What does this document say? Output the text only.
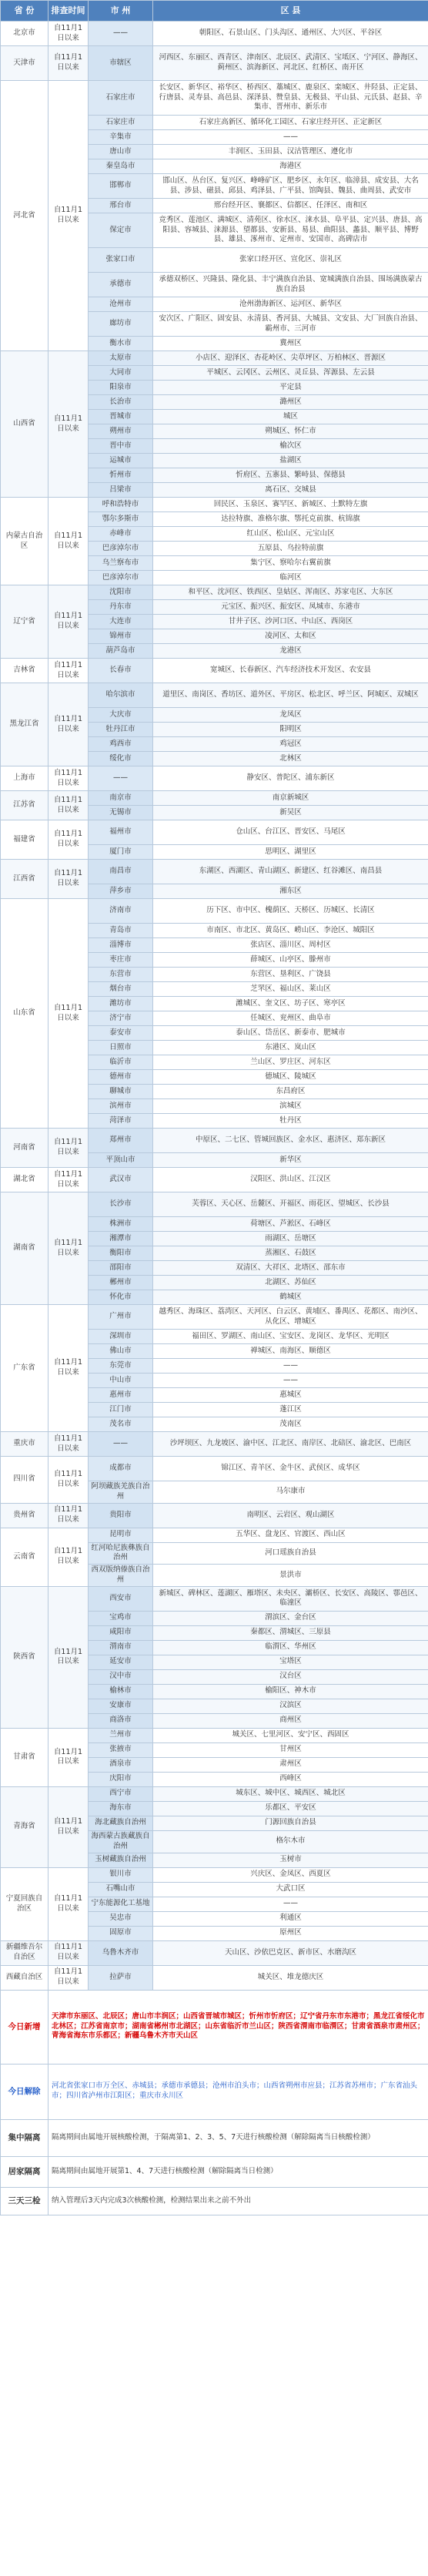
省 份	排查时间	市 州	区 县
北京市	自11月1日以来	——	朝阳区、石景山区、门头沟区、通州区、大兴区、平谷区
天津市	自11月1日以来	市辖区	河西区、东丽区、西青区、津南区、北辰区、武清区、宝坻区、宁河区、静海区、蓟州区、滨海新区、河北区、红桥区、南开区
河北省	自11月1日以来	石家庄市	长安区、新华区、裕华区、桥西区、藁城区、鹿泉区、栾城区、井陉县、正定县、行唐县、灵寿县、高邑县、深泽县、赞皇县、无极县、平山县、元氏县、赵县、辛集市、晋州市、新乐市
		石家庄市	石家庄高新区、循环化工园区、石家庄经开区、正定新区
		辛集市	——
		唐山市	丰润区、玉田县、汉沽管理区、遵化市
		秦皇岛市	海港区
		邯郸市	邯山区、丛台区、复兴区、峰峰矿区、肥乡区、永年区、临漳县、成安县、大名县、涉县、磁县、邱县、鸡泽县、广平县、馆陶县、魏县、曲周县、武安市
		邢台市	邢台经开区、襄都区、信都区、任泽区、南和区
		保定市	竞秀区、莲池区、满城区、清苑区、徐水区、涞水县、阜平县、定兴县、唐县、高阳县、容城县、涞源县、望都县、安新县、易县、曲阳县、蠡县、顺平县、博野县、雄县、涿州市、定州市、安国市、高碑店市
		张家口市	张家口经开区、宣化区、崇礼区
		承德市	承德双桥区、兴隆县、隆化县、丰宁满族自治县、宽城满族自治县、围场满族蒙古族自治县
		沧州市	沧州渤海新区、运河区、新华区
		廊坊市	安次区、广阳区、固安县、永清县、香河县、大城县、文安县、大厂回族自治县、霸州市、三河市
		衡水市	冀州区
山西省	自11月1日以来	太原市	小店区、迎泽区、杏花岭区、尖草坪区、万柏林区、晋源区
		大同市	平城区、云冈区、云州区、灵丘县、浑源县、左云县
		阳泉市	平定县
		长治市	潞州区
		晋城市	城区
		朔州市	朔城区、怀仁市
		晋中市	榆次区
		运城市	盐湖区
		忻州市	忻府区、五寨县、繁峙县、保德县
		吕梁市	离石区、交城县
内蒙古自治区	自11月1日以来	呼和浩特市	回民区、玉泉区、赛罕区、新城区、土默特左旗
		鄂尔多斯市	达拉特旗、准格尔旗、鄂托克前旗、杭锦旗
		赤峰市	红山区、松山区、元宝山区
		巴彦淖尔市	五原县、乌拉特前旗
		乌兰察布市	集宁区、察哈尔右翼前旗
		巴彦淖尔市	临河区
辽宁省	自11月1日以来	沈阳市	和平区、沈河区、铁西区、皇姑区、浑南区、苏家屯区、大东区
		丹东市	元宝区、振兴区、振安区、凤城市、东港市
		大连市	甘井子区、沙河口区、中山区、西岗区
		锦州市	凌河区、太和区
		葫芦岛市	龙港区
吉林省	自11月1日以来	长春市	宽城区、长春新区、汽车经济技术开发区、农安县
黑龙江省	自11月1日以来	哈尔滨市	道里区、南岗区、香坊区、道外区、平房区、松北区、呼兰区、阿城区、双城区
		大庆市	龙凤区
		牡丹江市	阳明区
		鸡西市	鸡冠区
		绥化市	北林区
上海市	自11月1日以来	——	静安区、普陀区、浦东新区
江苏省	自11月1日以来	南京市	南京新城区
		无锡市	新吴区
福建省	自11月1日以来	福州市	仓山区、台江区、晋安区、马尾区
		厦门市	思明区、湖里区
江西省	自11月1日以来	南昌市	东湖区、西湖区、青山湖区、新建区、红谷滩区、南昌县
		萍乡市	湘东区
山东省	自11月1日以来	济南市	历下区、市中区、槐荫区、天桥区、历城区、长清区
		青岛市	市南区、市北区、黄岛区、崂山区、李沧区、城阳区
		淄博市	张店区、淄川区、周村区
		枣庄市	薛城区、山亭区、滕州市
		东营市	东营区、垦利区、广饶县
		烟台市	芝罘区、福山区、莱山区
		潍坊市	潍城区、奎文区、坊子区、寒亭区
		济宁市	任城区、兖州区、曲阜市
		泰安市	泰山区、岱岳区、新泰市、肥城市
		日照市	东港区、岚山区
		临沂市	兰山区、罗庄区、河东区
		德州市	德城区、陵城区
		聊城市	东昌府区
		滨州市	滨城区
		菏泽市	牡丹区
河南省	自11月1日以来	郑州市	中原区、二七区、管城回族区、金水区、惠济区、郑东新区
		平顶山市	新华区
湖北省	自11月1日以来	武汉市	汉阳区、洪山区、江汉区
湖南省	自11月1日以来	长沙市	芙蓉区、天心区、岳麓区、开福区、雨花区、望城区、长沙县
		株洲市	荷塘区、芦淞区、石峰区
		湘潭市	雨湖区、岳塘区
		衡阳市	蒸湘区、石鼓区
		邵阳市	双清区、大祥区、北塔区、邵东市
		郴州市	北湖区、苏仙区
		怀化市	鹤城区
广东省	自11月1日以来	广州市	越秀区、海珠区、荔湾区、天河区、白云区、黄埔区、番禺区、花都区、南沙区、从化区、增城区
		深圳市	福田区、罗湖区、南山区、宝安区、龙岗区、龙华区、光明区
		佛山市	禅城区、南海区、顺德区
		东莞市	——
		中山市	——
		惠州市	惠城区
		江门市	蓬江区
		茂名市	茂南区
重庆市	自11月1日以来	——	沙坪坝区、九龙坡区、渝中区、江北区、南岸区、北碚区、渝北区、巴南区
四川省	自11月1日以来	成都市	锦江区、青羊区、金牛区、武侯区、成华区
		阿坝藏族羌族自治州	马尔康市
贵州省	自11月1日以来	贵阳市	南明区、云岩区、观山湖区
云南省	自11月1日以来	昆明市	五华区、盘龙区、官渡区、西山区
		红河哈尼族彝族自治州	河口瑶族自治县
		西双版纳傣族自治州	景洪市
陕西省	自11月1日以来	西安市	新城区、碑林区、莲湖区、雁塔区、未央区、灞桥区、长安区、高陵区、鄠邑区、临潼区
		宝鸡市	渭滨区、金台区
		咸阳市	秦都区、渭城区、三原县
		渭南市	临渭区、华州区
		延安市	宝塔区
		汉中市	汉台区
		榆林市	榆阳区、神木市
		安康市	汉滨区
		商洛市	商州区
甘肃省	自11月1日以来	兰州市	城关区、七里河区、安宁区、西固区
		张掖市	甘州区
		酒泉市	肃州区
		庆阳市	西峰区
青海省	自11月1日以来	西宁市	城东区、城中区、城西区、城北区
		海东市	乐都区、平安区
		海北藏族自治州	门源回族自治县
		海西蒙古族藏族自治州	格尔木市
		玉树藏族自治州	玉树市
宁夏回族自治区	自11月1日以来	银川市	兴庆区、金凤区、西夏区
		石嘴山市	大武口区
		宁东能源化工基地	——
		吴忠市	利通区
		固原市	原州区
新疆维吾尔自治区	自11月1日以来	乌鲁木齐市	天山区、沙依巴克区、新市区、水磨沟区
西藏自治区	自11月1日以来	拉萨市	城关区、堆龙德庆区
今日新增	天津市东丽区、北辰区；唐山市丰润区；山西省晋城市城区；忻州市忻府区；辽宁省丹东市东港市；黑龙江省绥化市北林区；江苏省南京市；湖南省郴州市北湖区；山东省临沂市兰山区；陕西省渭南市临渭区；甘肃省酒泉市肃州区；青海省海东市乐都区；新疆乌鲁木齐市天山区		
今日解除	河北省张家口市万全区、赤城县；承德市承德县；沧州市泊头市；山西省朔州市应县；江苏省苏州市；广东省汕头市；四川省泸州市江阳区；重庆市永川区		
集中隔离	隔离期间由属地开展核酸检测，于隔离第1、2、3、5、7天进行核酸检测（解除隔离当日核酸检测）		
居家隔离	隔离期间由属地开展第1、4、7天进行核酸检测（解除隔离当日检测）		
三天三检	纳入管理后3天内完成3次核酸检测，检测结果出来之前不外出		
